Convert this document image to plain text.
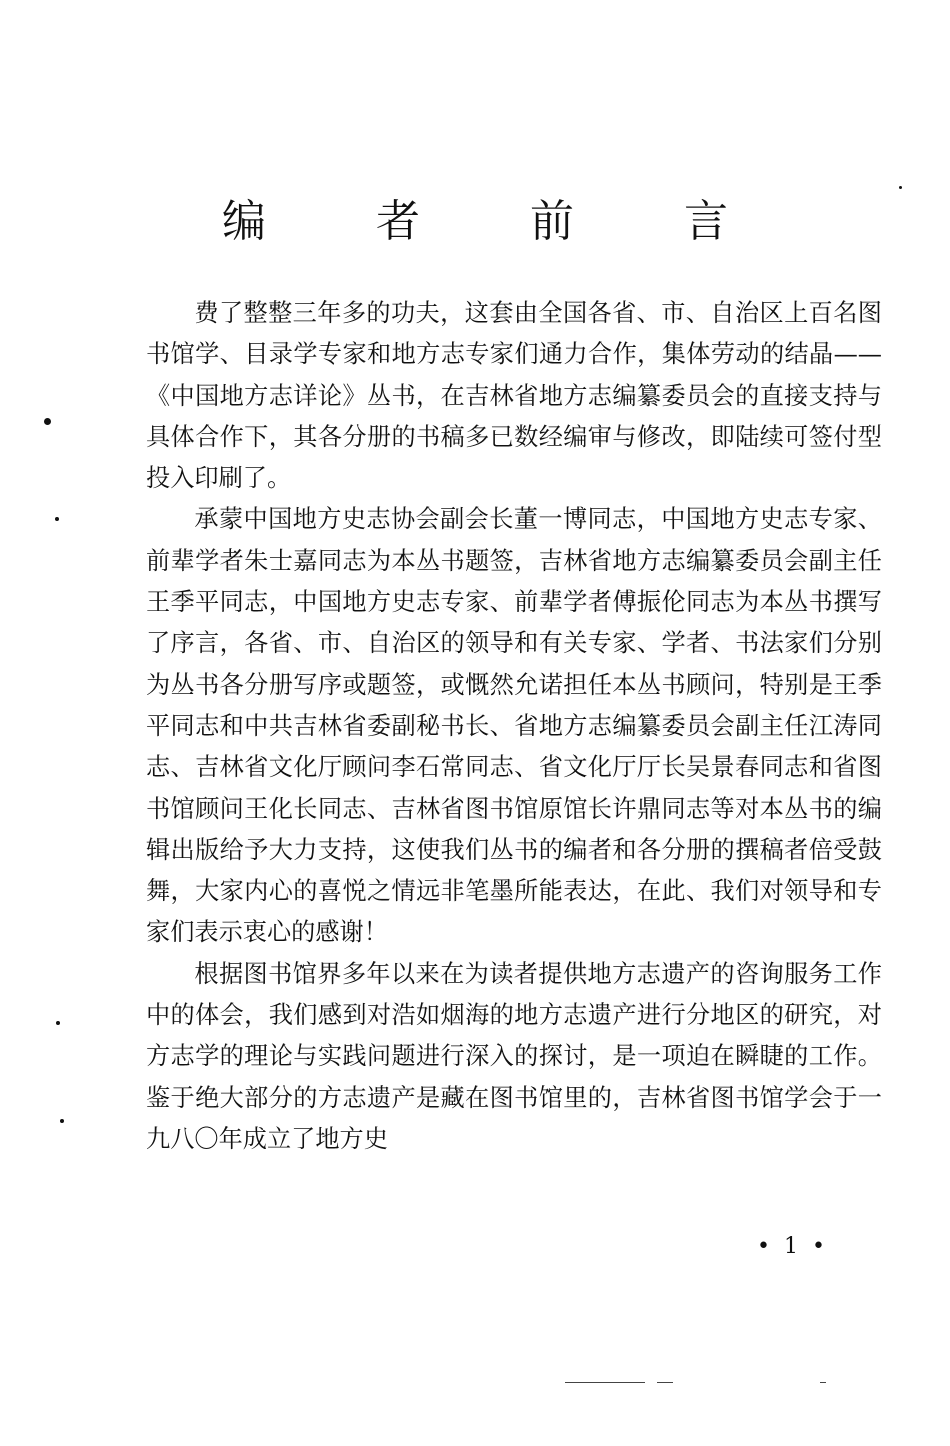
编 者 前 言

费了整整三年多的功夫，这套由全国各省、市、自治区上百名图书馆学、目录学专家和地方志专家们通力合作，集体劳动的结晶——《中国地方志详论》丛书，在吉林省地方志编纂委员会的直接支持与具体合作下，其各分册的书稿多已数经编审与修改，即陆续可签付型投入印刷了。

承蒙中国地方史志协会副会长董一博同志，中国地方史志专家、前辈学者朱士嘉同志为本丛书题签，吉林省地方志编纂委员会副主任王季平同志，中国地方史志专家、前辈学者傅振伦同志为本丛书撰写了序言，各省、市、自治区的领导和有关专家、学者、书法家们分别为丛书各分册写序或题签，或慨然允诺担任本丛书顾问，特别是王季平同志和中共吉林省委副秘书长、省地方志编纂委员会副主任江涛同志、吉林省文化厅顾问李石常同志、省文化厅厅长吴景春同志和省图书馆顾问王化长同志、吉林省图书馆原馆长许鼎同志等对本丛书的编辑出版给予大力支持，这使我们丛书的编者和各分册的撰稿者倍受鼓舞，大家内心的喜悦之情远非笔墨所能表达，在此、我们对领导和专家们表示衷心的感谢！

根据图书馆界多年以来在为读者提供地方志遗产的咨询服务工作中的体会，我们感到对浩如烟海的地方志遗产进行分地区的研究，对方志学的理论与实践问题进行深入的探讨，是一项迫在瞬睫的工作。鉴于绝大部分的方志遗产是藏在图书馆里的，吉林省图书馆学会于一九八〇年成立了地方史

•  1  •
